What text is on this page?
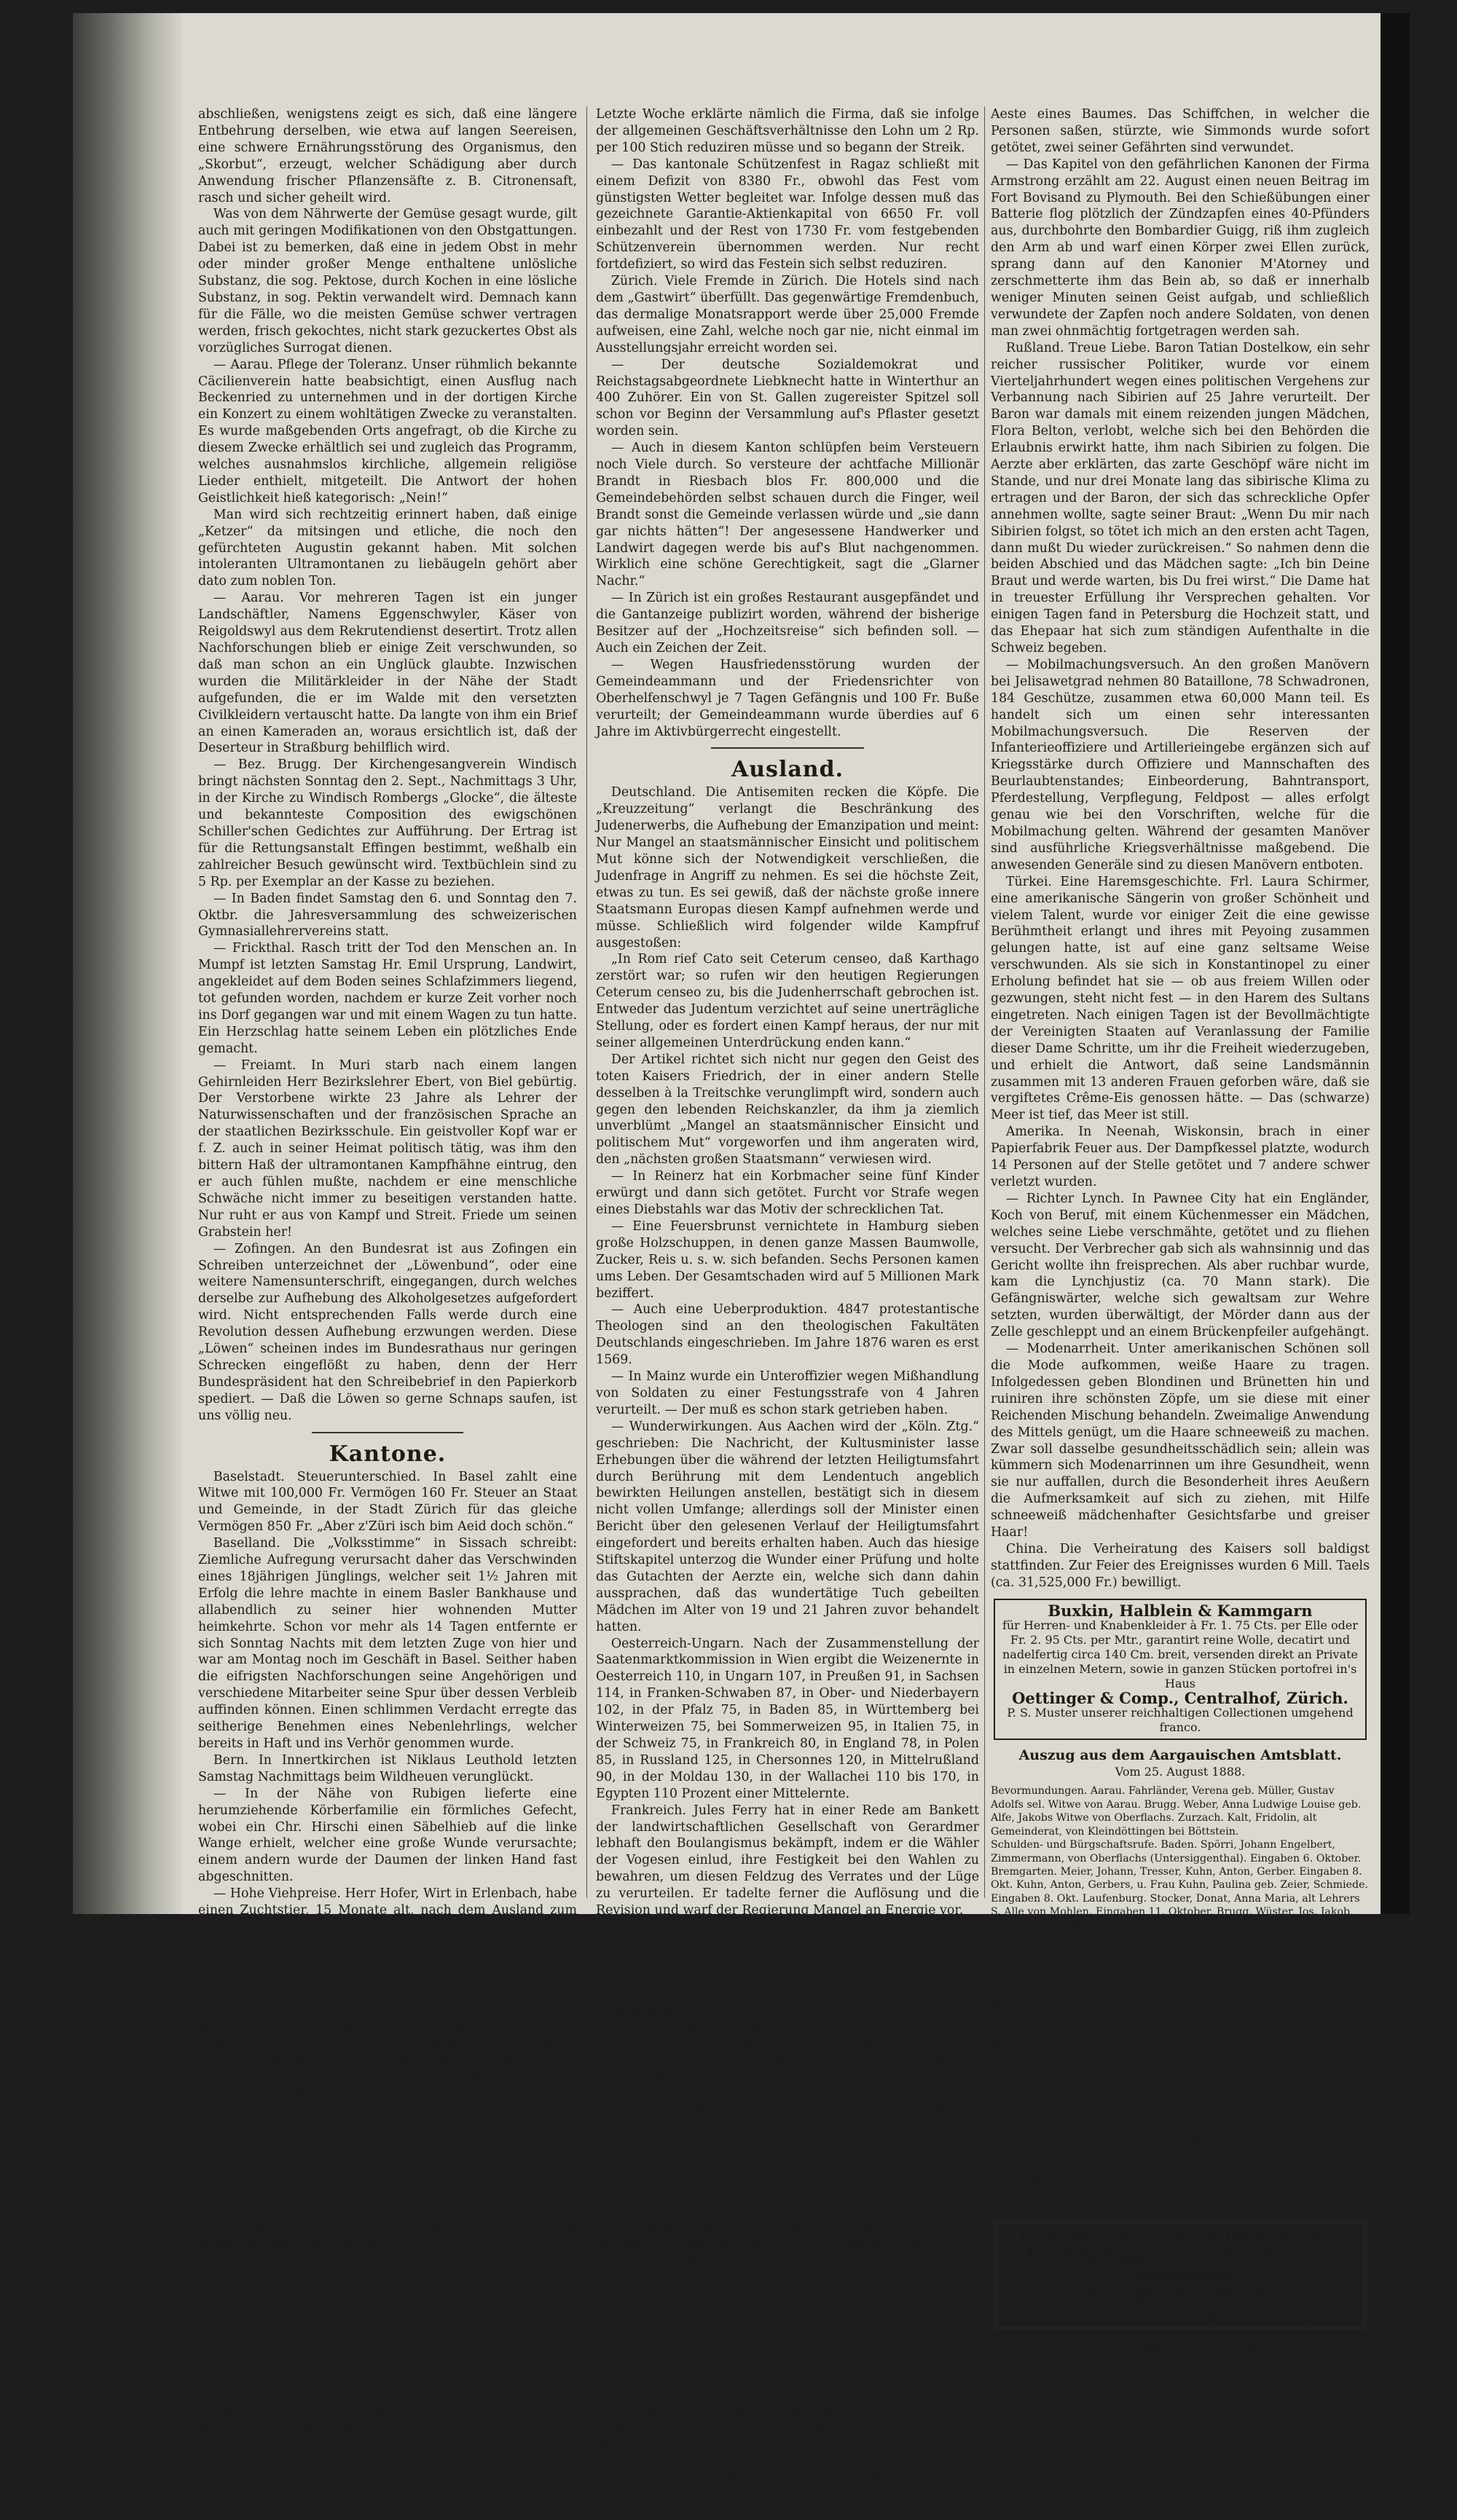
abschließen, wenigstens zeigt es sich, daß eine längere Entbehrung derselben, wie etwa auf langen Seereisen, eine schwere Ernährungsstörung des Organismus, den „Skorbut“, erzeugt, welcher Schädigung aber durch Anwendung frischer Pflanzensäfte z. B. Citronensaft, rasch und sicher geheilt wird.

Was von dem Nährwerte der Gemüse gesagt wurde, gilt auch mit geringen Modifikationen von den Obstgattungen. Dabei ist zu bemerken, daß eine in jedem Obst in mehr oder minder großer Menge enthaltene unlösliche Substanz, die sog. Pektose, durch Kochen in eine lösliche Substanz, in sog. Pektin verwandelt wird. Demnach kann für die Fälle, wo die meisten Gemüse schwer vertragen werden, frisch gekochtes, nicht stark gezuckertes Obst als vorzügliches Surrogat dienen.

— Aarau. Pflege der Toleranz. Unser rühmlich bekannte Cäcilienverein hatte beabsichtigt, einen Ausflug nach Beckenried zu unternehmen und in der dortigen Kirche ein Konzert zu einem wohltätigen Zwecke zu veranstalten. Es wurde maßgebenden Orts angefragt, ob die Kirche zu diesem Zwecke erhältlich sei und zugleich das Programm, welches ausnahmslos kirchliche, allgemein religiöse Lieder enthielt, mitgeteilt. Die Antwort der hohen Geistlichkeit hieß kategorisch: „Nein!“

Man wird sich rechtzeitig erinnert haben, daß einige „Ketzer“ da mitsingen und etliche, die noch den gefürchteten Augustin gekannt haben. Mit solchen intoleranten Ultramontanen zu liebäugeln gehört aber dato zum noblen Ton.

— Aarau. Vor mehreren Tagen ist ein junger Landschäftler, Namens Eggenschwyler, Käser von Reigoldswyl aus dem Rekrutendienst desertirt. Trotz allen Nachforschungen blieb er einige Zeit verschwunden, so daß man schon an ein Unglück glaubte. Inzwischen wurden die Militärkleider in der Nähe der Stadt aufgefunden, die er im Walde mit den versetzten Civilkleidern vertauscht hatte. Da langte von ihm ein Brief an einen Kameraden an, woraus ersichtlich ist, daß der Deserteur in Straßburg behilflich wird.

— Bez. Brugg. Der Kirchengesangverein Windisch bringt nächsten Sonntag den 2. Sept., Nachmittags 3 Uhr, in der Kirche zu Windisch Rombergs „Glocke“, die älteste und bekannteste Composition des ewigschönen Schiller'schen Gedichtes zur Aufführung. Der Ertrag ist für die Rettungsanstalt Effingen bestimmt, weßhalb ein zahlreicher Besuch gewünscht wird. Textbüchlein sind zu 5 Rp. per Exemplar an der Kasse zu beziehen.

— In Baden findet Samstag den 6. und Sonntag den 7. Oktbr. die Jahresversammlung des schweizerischen Gymnasiallehrervereins statt.

— Frickthal. Rasch tritt der Tod den Menschen an. In Mumpf ist letzten Samstag Hr. Emil Ursprung, Landwirt, angekleidet auf dem Boden seines Schlafzimmers liegend, tot gefunden worden, nachdem er kurze Zeit vorher noch ins Dorf gegangen war und mit einem Wagen zu tun hatte. Ein Herzschlag hatte seinem Leben ein plötzliches Ende gemacht.

— Freiamt. In Muri starb nach einem langen Gehirnleiden Herr Bezirkslehrer Ebert, von Biel gebürtig. Der Verstorbene wirkte 23 Jahre als Lehrer der Naturwissenschaften und der französischen Sprache an der staatlichen Bezirksschule. Ein geistvoller Kopf war er f. Z. auch in seiner Heimat politisch tätig, was ihm den bittern Haß der ultramontanen Kampfhähne eintrug, den er auch fühlen mußte, nachdem er eine menschliche Schwäche nicht immer zu beseitigen verstanden hatte. Nur ruht er aus von Kampf und Streit. Friede um seinen Grabstein her!

— Zofingen. An den Bundesrat ist aus Zofingen ein Schreiben unterzeichnet der „Löwenbund“, oder eine weitere Namensunterschrift, eingegangen, durch welches derselbe zur Aufhebung des Alkoholgesetzes aufgefordert wird. Nicht entsprechenden Falls werde durch eine Revolution dessen Aufhebung erzwungen werden. Diese „Löwen“ scheinen indes im Bundesrathaus nur geringen Schrecken eingeflößt zu haben, denn der Herr Bundespräsident hat den Schreibebrief in den Papierkorb spediert. — Daß die Löwen so gerne Schnaps saufen, ist uns völlig neu.

Kantone.

Baselstadt. Steuerunterschied. In Basel zahlt eine Witwe mit 100,000 Fr. Vermögen 160 Fr. Steuer an Staat und Gemeinde, in der Stadt Zürich für das gleiche Vermögen 850 Fr. „Aber z'Züri isch bim Aeid doch schön.“

Baselland. Die „Volksstimme“ in Sissach schreibt: Ziemliche Aufregung verursacht daher das Verschwinden eines 18jährigen Jünglings, welcher seit 1½ Jahren mit Erfolg die lehre machte in einem Basler Bankhause und allabendlich zu seiner hier wohnenden Mutter heimkehrte. Schon vor mehr als 14 Tagen entfernte er sich Sonntag Nachts mit dem letzten Zuge von hier und war am Montag noch im Geschäft in Basel. Seither haben die eifrigsten Nachforschungen seine Angehörigen und verschiedene Mitarbeiter seine Spur über dessen Verbleib auffinden können. Einen schlimmen Verdacht erregte das seitherige Benehmen eines Nebenlehrlings, welcher bereits in Haft und ins Verhör genommen wurde.

Bern. In Innertkirchen ist Niklaus Leuthold letzten Samstag Nachmittags beim Wildheuen verunglückt.

— In der Nähe von Rubigen lieferte eine herumziehende Körberfamilie ein förmliches Gefecht, wobei ein Chr. Hirschi einen Säbelhieb auf die linke Wange erhielt, welcher eine große Wunde verursachte; einem andern wurde der Daumen der linken Hand fast abgeschnitten.

— Hohe Viehpreise. Herr Hofer, Wirt in Erlenbach, habe einen Zuchtstier, 15 Monate alt, nach dem Ausland zum Preise von über 1400 Fr. verkauft.

— Langenthal bietet heute das bunte und bewegte Bild einer Garnisonsstadt. Es beherbergt etwa 2000 Mann Militär, auf zwei Seelen der Zivilbevölkerung einen Soldaten.

Genf. Ein am Bau der neuen Ateliers der Fabrik physikalischer Instrumente beschäftigter Arbeiter, ein 23jähriger Ad. Welti aus Suz bei Nidau, fiel am Mittwoch Morgen vom Dachstuhl herunter und brach das Genick; der Tod trat eine halbe Stunde nach dem Falle ein.

Luzern. Die Regierung hat jenen geistlichen Lehrer am Seminar in Hitzkirch, der einen Seminaristen durchgeprügelt, vom Seminar entfernt, indem sie ihn auf die Pfarrstelle in Buchenrain „beförderte“.

— Sursee. Viehmarkt vom 27. August. Aufgeführt wurden circa 2000 Stück Großvieh, 600 Stück Schweine und viele Schafe und Ziegen. Es waren sehr viele Händler, jedoch nicht in großer Zahl und Konkurrenz, daß bis die Nachfrage dem Angebote gleichkam. Es wurde viel gehandelt, doch zu gedrückten Preisen.

Obwalden. Der so sehr als freisinniger Mann verschrieene Landammann Hermann hat seinem Testamente im Jahre 1883, also zu Schulvogtszeiten, beigesetzt, daß, sofern das Schulwesen durch Bundesbeschlüsse sollte umgestaltet, z. B. die Lehrschwestern entfernt werden, die für Schulzwecke testirten Summen zu Privatzwecken zu verwenden seien.

St. Gallen. In Rheineck habe seit Samstag die Sticker in der Fabrik der HH. Tobler die Arbeit eingestellt. Das Zentralkomite des Stickereiverbandes erließ eine betreffende Bekanntmachung.

Letzte Woche erklärte nämlich die Firma, daß sie infolge der allgemeinen Geschäftsverhältnisse den Lohn um 2 Rp. per 100 Stich reduziren müsse und so begann der Streik.

— Das kantonale Schützenfest in Ragaz schließt mit einem Defizit von 8380 Fr., obwohl das Fest vom günstigsten Wetter begleitet war. Infolge dessen muß das gezeichnete Garantie-Aktienkapital von 6650 Fr. voll einbezahlt und der Rest von 1730 Fr. vom festgebenden Schützenverein übernommen werden. Nur recht fortdefiziert, so wird das Festein sich selbst reduziren.

Zürich. Viele Fremde in Zürich. Die Hotels sind nach dem „Gastwirt“ überfüllt. Das gegenwärtige Fremdenbuch, das dermalige Monatsrapport werde über 25,000 Fremde aufweisen, eine Zahl, welche noch gar nie, nicht einmal im Ausstellungsjahr erreicht worden sei.

— Der deutsche Sozialdemokrat und Reichstagsabgeordnete Liebknecht hatte in Winterthur an 400 Zuhörer. Ein von St. Gallen zugereister Spitzel soll schon vor Beginn der Versammlung auf's Pflaster gesetzt worden sein.

— Auch in diesem Kanton schlüpfen beim Versteuern noch Viele durch. So versteure der achtfache Millionär Brandt in Riesbach blos Fr. 800,000 und die Gemeindebehörden selbst schauen durch die Finger, weil Brandt sonst die Gemeinde verlassen würde und „sie dann gar nichts hätten“! Der angesessene Handwerker und Landwirt dagegen werde bis auf's Blut nachgenommen. Wirklich eine schöne Gerechtigkeit, sagt die „Glarner Nachr.“

— In Zürich ist ein großes Restaurant ausgepfändet und die Gantanzeige publizirt worden, während der bisherige Besitzer auf der „Hochzeitsreise“ sich befinden soll. — Auch ein Zeichen der Zeit.

— Wegen Hausfriedensstörung wurden der Gemeindeammann und der Friedensrichter von Oberhelfenschwyl je 7 Tagen Gefängnis und 100 Fr. Buße verurteilt; der Gemeindeammann wurde überdies auf 6 Jahre im Aktivbürgerrecht eingestellt.

Ausland.

Deutschland. Die Antisemiten recken die Köpfe. Die „Kreuzzeitung“ verlangt die Beschränkung des Judenerwerbs, die Aufhebung der Emanzipation und meint: Nur Mangel an staatsmännischer Einsicht und politischem Mut könne sich der Notwendigkeit verschließen, die Judenfrage in Angriff zu nehmen. Es sei die höchste Zeit, etwas zu tun. Es sei gewiß, daß der nächste große innere Staatsmann Europas diesen Kampf aufnehmen werde und müsse. Schließlich wird folgender wilde Kampfruf ausgestoßen:

„In Rom rief Cato seit Ceterum censeo, daß Karthago zerstört war; so rufen wir den heutigen Regierungen Ceterum censeo zu, bis die Judenherrschaft gebrochen ist. Entweder das Judentum verzichtet auf seine unerträgliche Stellung, oder es fordert einen Kampf heraus, der nur mit seiner allgemeinen Unterdrückung enden kann.“

Der Artikel richtet sich nicht nur gegen den Geist des toten Kaisers Friedrich, der in einer andern Stelle desselben à la Treitschke verunglimpft wird, sondern auch gegen den lebenden Reichskanzler, da ihm ja ziemlich unverblümt „Mangel an staatsmännischer Einsicht und politischem Mut“ vorgeworfen und ihm angeraten wird, den „nächsten großen Staatsmann“ verwiesen wird.

— In Reinerz hat ein Korbmacher seine fünf Kinder erwürgt und dann sich getötet. Furcht vor Strafe wegen eines Diebstahls war das Motiv der schrecklichen Tat.

— Eine Feuersbrunst vernichtete in Hamburg sieben große Holzschuppen, in denen ganze Massen Baumwolle, Zucker, Reis u. s. w. sich befanden. Sechs Personen kamen ums Leben. Der Gesamtschaden wird auf 5 Millionen Mark beziffert.

— Auch eine Ueberproduktion. 4847 protestantische Theologen sind an den theologischen Fakultäten Deutschlands eingeschrieben. Im Jahre 1876 waren es erst 1569.

— In Mainz wurde ein Unteroffizier wegen Mißhandlung von Soldaten zu einer Festungsstrafe von 4 Jahren verurteilt. — Der muß es schon stark getrieben haben.

— Wunderwirkungen. Aus Aachen wird der „Köln. Ztg.“ geschrieben: Die Nachricht, der Kultusminister lasse Erhebungen über die während der letzten Heiligtumsfahrt durch Berührung mit dem Lendentuch angeblich bewirkten Heilungen anstellen, bestätigt sich in diesem nicht vollen Umfange; allerdings soll der Minister einen Bericht über den gelesenen Verlauf der Heiligtumsfahrt eingefordert und bereits erhalten haben. Auch das hiesige Stiftskapitel unterzog die Wunder einer Prüfung und holte das Gutachten der Aerzte ein, welche sich dann dahin aussprachen, daß das wundertätige Tuch gebeilten Mädchen im Alter von 19 und 21 Jahren zuvor behandelt hatten.

Oesterreich-Ungarn. Nach der Zusammenstellung der Saatenmarktkommission in Wien ergibt die Weizenernte in Oesterreich 110, in Ungarn 107, in Preußen 91, in Sachsen 114, in Franken-Schwaben 87, in Ober- und Niederbayern 102, in der Pfalz 75, in Baden 85, in Württemberg bei Winterweizen 75, bei Sommerweizen 95, in Italien 75, in der Schweiz 75, in Frankreich 80, in England 78, in Polen 85, in Russland 125, in Chersonnes 120, in Mittelrußland 90, in der Moldau 130, in der Wallachei 110 bis 170, in Egypten 110 Prozent einer Mittelernte.

Frankreich. Jules Ferry hat in einer Rede am Bankett der landwirtschaftlichen Gesellschaft von Gerardmer lebhaft den Boulangismus bekämpft, indem er die Wähler der Vogesen einlud, ihre Festigkeit bei den Wahlen zu bewahren, um diesen Feldzug des Verrates und der Lüge zu verurteilen. Er tadelte ferner die Auflösung und die Revision und warf der Regierung Mangel an Energie vor.

— Die Franzosen wollen wieder einmal einen deutschen Spion entdeckt haben. Fritz Ellian von Hohenburg, deutscher Offizier außer Dienst und Sprachlehrer wurde in Nizza verhaftet, als er sich mit Lebel-Patronen zur Post schickte. Es wurde eine Haussuchung bei ihm vorgenommen.

— Eine junge Reisende. Ein Pariser Blatt teilt folgendes nette Geschichtchen mit: Ein kleines Mädchen von sechs Jahren wurde dieser Tage allein von Europa nach Amerika spedirt. Man hatte ihr an den linken Arm ein großes Bracelet (Armband) auf welchem geschrieben stand: Ich heiße Emma Pecz, ich gehe zu Hrn. George Bleich, Uhrmacher, Morton-Street, in Rochester, Staat New-York, Nordamerika. Die junge Reisende kam glücklich an. Die Eisenbahnbeamten und alle an dem Schiffe gute Leute, welche sich ihrer annahmen und ihr glücklich im Rochester angekommen.

Italien. In einem Eisenbahncoupe zweiter Klasse des gen Genua kommenden Zuges überfielen sieben junge, mit Messern bewaffnete Leute einen Passagier, um ihn zu berauben. Dem Angegriffenen gelang es, sich energisch verteidigt, gelang es, sich aus dem Coupefenster zu stürzen. Furchtbar verstümmelt lag er auf dem Bahndamm liegen. Von den Tätern wurden zwei verhaftet.

— Bekämpfung des Räuberwesens auf Corsika. Man hat neuerdings gänzliche Ausrottung in der Meinung, daß die Regierung die Ursache der hin wegen zwar des feuchten Schuß bekämpfte. Von den etwa 200 Briganten, die in den Maquis den Gerichten zu entgehen suchten, sind in letzten 10 Monaten 103 getötet oder gefangen worden und bei der unablässigen Verfolgung der Briganten nur wenig noch übrig.

England. Der Luftschiffer Simmonds wollte eine Fahrt von London nach Wien unternehmen. Der Ballon war gezwungen, in der Nähe von Molton sich zu senken, verwickelte sich aber in die

Aeste eines Baumes. Das Schiffchen, in welcher die Personen saßen, stürzte, wie Simmonds wurde sofort getötet, zwei seiner Gefährten sind verwundet.

— Das Kapitel von den gefährlichen Kanonen der Firma Armstrong erzählt am 22. August einen neuen Beitrag im Fort Bovisand zu Plymouth. Bei den Schießübungen einer Batterie flog plötzlich der Zündzapfen eines 40-Pfünders aus, durchbohrte den Bombardier Guigg, riß ihm zugleich den Arm ab und warf einen Körper zwei Ellen zurück, sprang dann auf den Kanonier M'Atorney und zerschmetterte ihm das Bein ab, so daß er innerhalb weniger Minuten seinen Geist aufgab, und schließlich verwundete der Zapfen noch andere Soldaten, von denen man zwei ohnmächtig fortgetragen werden sah.

Rußland. Treue Liebe. Baron Tatian Dostelkow, ein sehr reicher russischer Politiker, wurde vor einem Vierteljahrhundert wegen eines politischen Vergehens zur Verbannung nach Sibirien auf 25 Jahre verurteilt. Der Baron war damals mit einem reizenden jungen Mädchen, Flora Belton, verlobt, welche sich bei den Behörden die Erlaubnis erwirkt hatte, ihm nach Sibirien zu folgen. Die Aerzte aber erklärten, das zarte Geschöpf wäre nicht im Stande, und nur drei Monate lang das sibirische Klima zu ertragen und der Baron, der sich das schreckliche Opfer annehmen wollte, sagte seiner Braut: „Wenn Du mir nach Sibirien folgst, so tötet ich mich an den ersten acht Tagen, dann mußt Du wieder zurückreisen.“ So nahmen denn die beiden Abschied und das Mädchen sagte: „Ich bin Deine Braut und werde warten, bis Du frei wirst.“ Die Dame hat in treuester Erfüllung ihr Versprechen gehalten. Vor einigen Tagen fand in Petersburg die Hochzeit statt, und das Ehepaar hat sich zum ständigen Aufenthalte in die Schweiz begeben.

— Mobilmachungsversuch. An den großen Manövern bei Jelisawetgrad nehmen 80 Bataillone, 78 Schwadronen, 184 Geschütze, zusammen etwa 60,000 Mann teil. Es handelt sich um einen sehr interessanten Mobilmachungsversuch. Die Reserven der Infanterieoffiziere und Artillerieingebe ergänzen sich auf Kriegsstärke durch Offiziere und Mannschaften des Beurlaubtenstandes; Einbeorderung, Bahntransport, Pferdestellung, Verpflegung, Feldpost — alles erfolgt genau wie bei den Vorschriften, welche für die Mobilmachung gelten. Während der gesamten Manöver sind ausführliche Kriegsverhältnisse maßgebend. Die anwesenden Generäle sind zu diesen Manövern entboten.

Türkei. Eine Haremsgeschichte. Frl. Laura Schirmer, eine amerikanische Sängerin von großer Schönheit und vielem Talent, wurde vor einiger Zeit die eine gewisse Berühmtheit erlangt und ihres mit Peyoing zusammen gelungen hatte, ist auf eine ganz seltsame Weise verschwunden. Als sie sich in Konstantinopel zu einer Erholung befindet hat sie — ob aus freiem Willen oder gezwungen, steht nicht fest — in den Harem des Sultans eingetreten. Nach einigen Tagen ist der Bevollmächtigte der Vereinigten Staaten auf Veranlassung der Familie dieser Dame Schritte, um ihr die Freiheit wiederzugeben, und erhielt die Antwort, daß seine Landsmännin zusammen mit 13 anderen Frauen geforben wäre, daß sie vergiftetes Crême-Eis genossen hätte. — Das (schwarze) Meer ist tief, das Meer ist still.

Amerika. In Neenah, Wiskonsin, brach in einer Papierfabrik Feuer aus. Der Dampfkessel platzte, wodurch 14 Personen auf der Stelle getötet und 7 andere schwer verletzt wurden.

— Richter Lynch. In Pawnee City hat ein Engländer, Koch von Beruf, mit einem Küchenmesser ein Mädchen, welches seine Liebe verschmähte, getötet und zu fliehen versucht. Der Verbrecher gab sich als wahnsinnig und das Gericht wollte ihn freisprechen. Als aber ruchbar wurde, kam die Lynchjustiz (ca. 70 Mann stark). Die Gefängniswärter, welche sich gewaltsam zur Wehre setzten, wurden überwältigt, der Mörder dann aus der Zelle geschleppt und an einem Brückenpfeiler aufgehängt.

— Modenarrheit. Unter amerikanischen Schönen soll die Mode aufkommen, weiße Haare zu tragen. Infolgedessen geben Blondinen und Brünetten hin und ruiniren ihre schönsten Zöpfe, um sie diese mit einer Reichenden Mischung behandeln. Zweimalige Anwendung des Mittels genügt, um die Haare schneeweiß zu machen. Zwar soll dasselbe gesundheitsschädlich sein; allein was kümmern sich Modenarrinnen um ihre Gesundheit, wenn sie nur auffallen, durch die Besonderheit ihres Aeußern die Aufmerksamkeit auf sich zu ziehen, mit Hilfe schneeweiß mädchenhafter Gesichtsfarbe und greiser Haar!

China. Die Verheiratung des Kaisers soll baldigst stattfinden. Zur Feier des Ereignisses wurden 6 Mill. Taels (ca. 31,525,000 Fr.) bewilligt.

Buxkin, Halblein & Kammgarn
für Herren- und Knabenkleider à Fr. 1. 75 Cts. per Elle oder Fr. 2. 95 Cts. per Mtr., garantirt reine Wolle, decatirt und nadelfertig circa 140 Cm. breit, versenden direkt an Private in einzelnen Metern, sowie in ganzen Stücken portofrei in's Haus
Oettinger & Comp., Centralhof, Zürich.
P. S. Muster unserer reichhaltigen Collectionen umgehend franco.
Auszug aus dem Aargauischen Amtsblatt.
Vom 25. August 1888.

Bevormundungen. Aarau. Fahrländer, Verena geb. Müller, Gustav Adolfs sel. Witwe von Aarau. Brugg. Weber, Anna Ludwige Louise geb. Alfe, Jakobs Witwe von Oberflachs. Zurzach. Kalt, Fridolin, alt Gemeinderat, von Kleindöttingen bei Böttstein.

Schulden- und Bürgschaftsrufe. Baden. Spörri, Johann Engelbert, Zimmermann, von Oberflachs (Untersiggenthal). Eingaben 6. Oktober. Bremgarten. Meier, Johann, Tresser, Kuhn, Anton, Gerber. Eingaben 8. Okt. Kuhn, Anton, Gerbers, u. Frau Kuhn, Paulina geb. Zeier, Schmiede. Eingaben 8. Okt. Laufenburg. Stocker, Donat, Anna Maria, alt Lehrers S. Alle von Mohlen. Eingaben 11. Oktober. Brugg. Wüster, Jos. Jakob, Schneider, von Hausen. Eingaben 26. Septbr. Laufenburg. Winter, Xaver, Lehrer. Eingaben 26. Sept. Muri. Witwe Schlauder, Maria geb Lüthi, Uhrenmacher in Winterhalden bei Meyenberg. Eingaben 26. Septbr. — Humbel, Josephine, Bäcker, Würlis, von Wallenschwyl bei Beinwyl. Eingaben 19. Septbr. Rheinfelden. Guthauser, Gustav Küfer, von Zeiningen. Eingaben 24. September.

Wirthschaftsverbot. Bremgarten. Schmidli, Heinrich, Schuster, von Villmergen.

Benefiz Inventarii. Baden. Witwe Filsker, Marie geb. Zehnder, Bäck, von Wettingen. Eingaben 6. Okt. Bremgarten. Meier, Jakob, Hemberers von Wohlen. Eingaben 11. Okt. Laufenburg. Liechti, Jakob, Heinrich, Brunnenmacher, von Essingen. Eingaben 24. Sept. Muri. Billiger, Anton, Schuster, von Beinwyl. Eingaben 25. September.

Geldstags-Rückzüge. Kulm. Wirt Heuberger, Adolf, von Menziken. Zofingen. Leuenberger, Samuel Heinrich, Melchior, Sattler, von Wittwyl. Rehabilitationen. Baden. Meier, Niklaus, Weber in der Steinmatt bei Unterehrendingen. Brugg. Remund, Bernhard, Uhrenmacher, von Solothurn, in Brugg. Muri. Weber, Albert, Lederhändler und Bosswil. Rheinfelden. Weiland, Adolf, von Rheinfelden.

Vermögensauslosungsbegehren. Aarau. Müller, Rudolf, Drechslers, von Oberentfelden, in Amerika. Einsprachen 29. September.

J. Gerber, Marchd. Tailleur, Aarau.
Reichhaltige Auswahl in Herren-Confektion.
Anzüge nach Maaß.
Reelle Preise. — Prompte Bedienung.
Witterungsbeobachtungen.

Pariser Witterungsbericht vom 30. August. Wahrscheinlich Wind aus den Westregionen, bewölkter Himmel bei bisheriger Temperatur.
